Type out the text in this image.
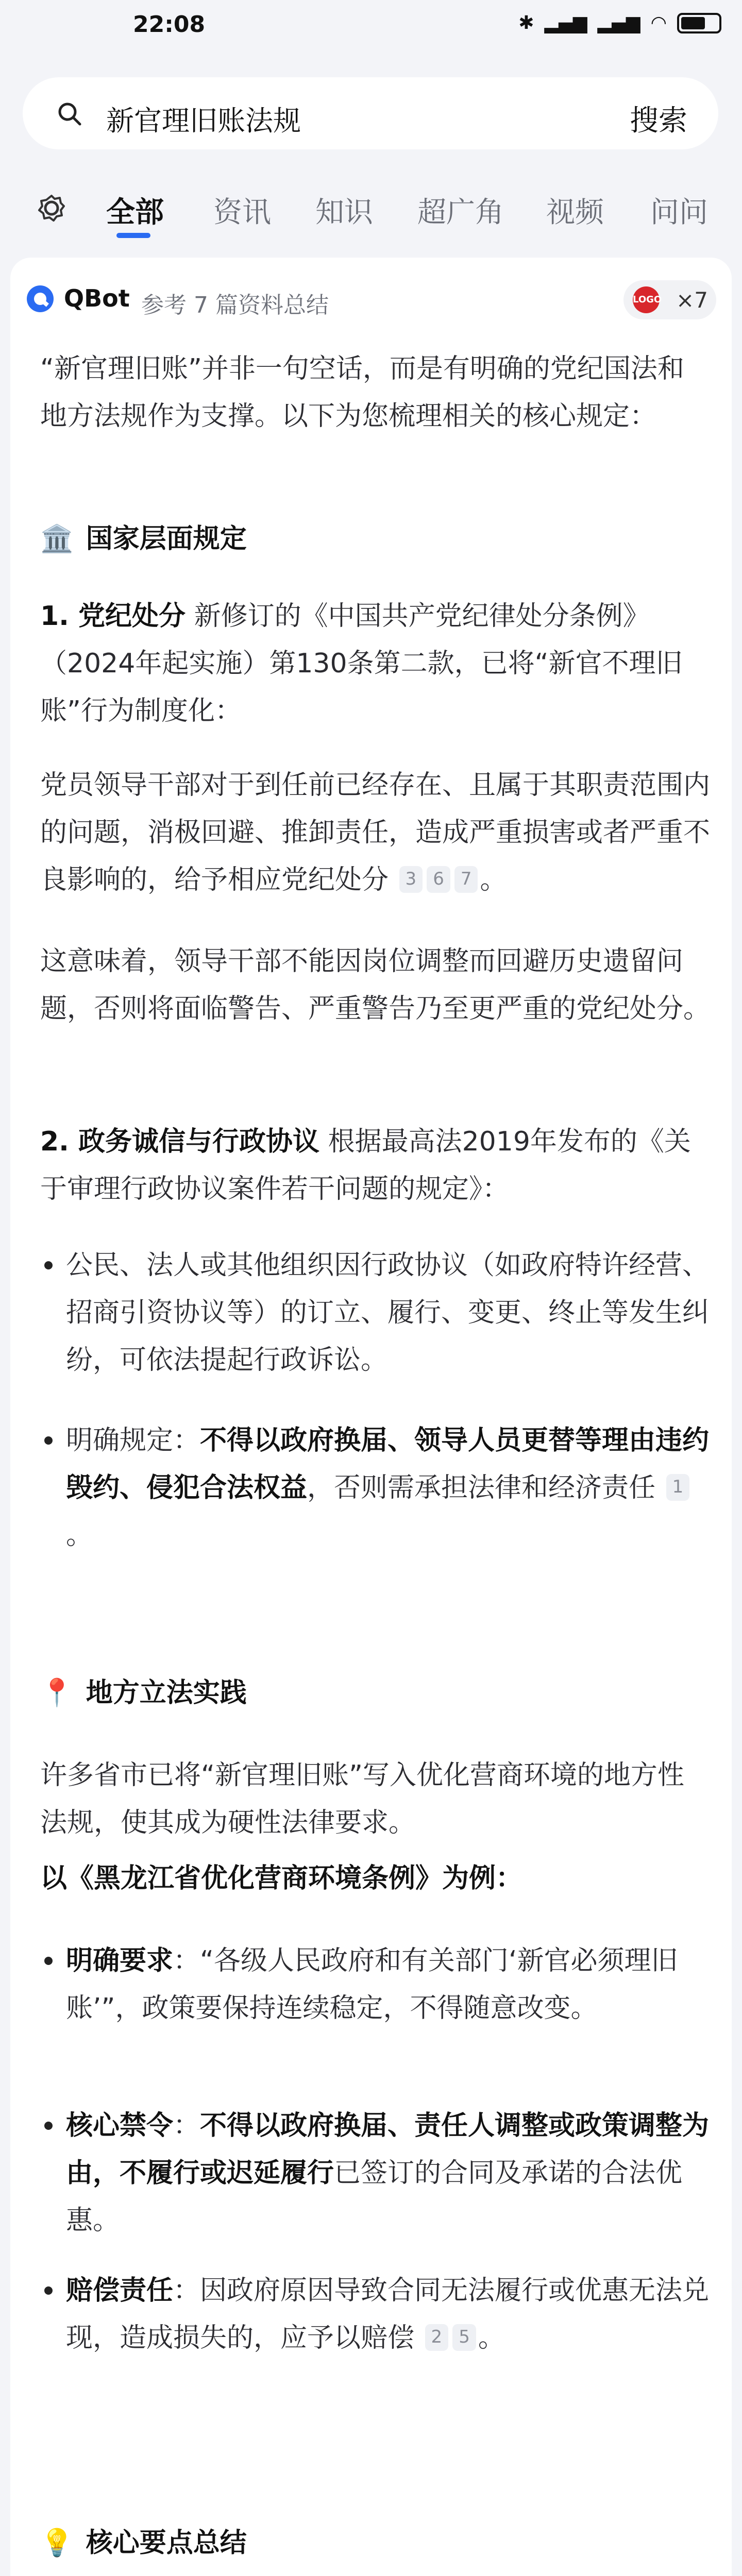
22:08	✱ ▂▄▆ ▂▄▆ ◠
新官理旧账法规	搜索
全部 资讯 知识 超广角 视频 问问
QBot 参考 7 篇资料总结	LOGO ×7
“新官理旧账”并非一句空话，而是有明确的党纪国法和地方法规作为支撑。以下为您梳理相关的核心规定：
🏛️ 国家层面规定
1. 党纪处分 新修订的《中国共产党纪律处分条例》（2024年起实施）第130条第二款，已将“新官不理旧账”行为制度化：
党员领导干部对于到任前已经存在、且属于其职责范围内的问题，消极回避、推卸责任，造成严重损害或者严重不良影响的，给予相应党纪处分 3 6 7 。
这意味着，领导干部不能因岗位调整而回避历史遗留问题，否则将面临警告、严重警告乃至更严重的党纪处分。
2. 政务诚信与行政协议 根据最高法2019年发布的《关于审理行政协议案件若干问题的规定》：
公民、法人或其他组织因行政协议（如政府特许经营、招商引资协议等）的订立、履行、变更、终止等发生纠纷，可依法提起行政诉讼。
明确规定：不得以政府换届、领导人员更替等理由违约毁约、侵犯合法权益，否则需承担法律和经济责任 1。
📍 地方立法实践
许多省市已将“新官理旧账”写入优化营商环境的地方性法规，使其成为硬性法律要求。
以《黑龙江省优化营商环境条例》为例：
明确要求：“各级人民政府和有关部门‘新官必须理旧账’”，政策要保持连续稳定，不得随意改变。
核心禁令：不得以政府换届、责任人调整或政策调整为由，不履行或迟延履行已签订的合同及承诺的合法优惠。
赔偿责任：因政府原因导致合同无法履行或优惠无法兑现，造成损失的，应予以赔偿 2 5 。
💡 核心要点总结
